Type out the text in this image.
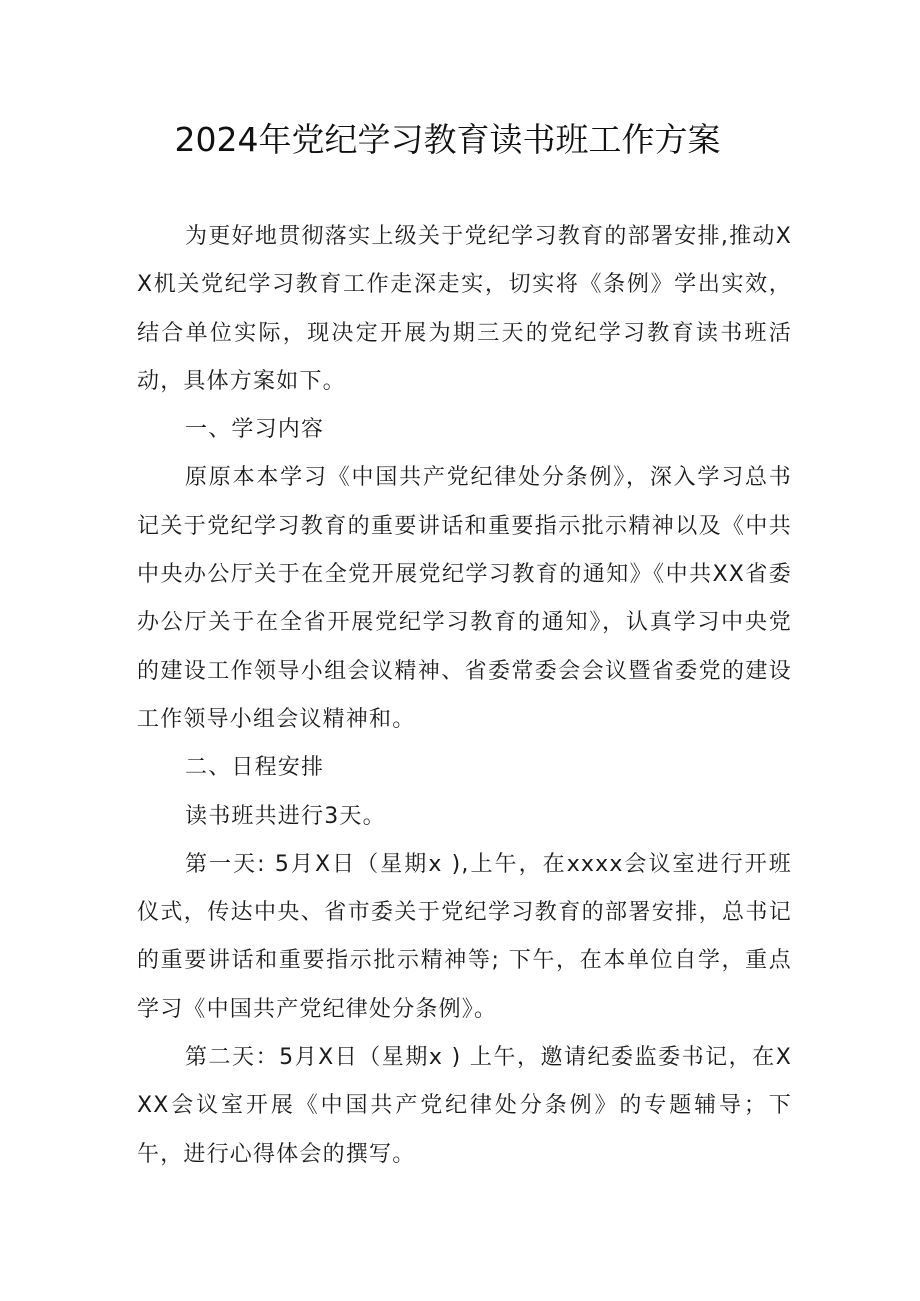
2024年党纪学习教育读书班工作方案

为更好地贯彻落实上级关于党纪学习教育的部署安排,推动XX机关党纪学习教育工作走深走实，切实将《条例》学出实效，结合单位实际，现决定开展为期三天的党纪学习教育读书班活动，具体方案如下。

一、学习内容

原原本本学习《中国共产党纪律处分条例》，深入学习总书记关于党纪学习教育的重要讲话和重要指示批示精神以及《中共中央办公厅关于在全党开展党纪学习教育的通知》《中共XX省委办公厅关于在全省开展党纪学习教育的通知》，认真学习中央党的建设工作领导小组会议精神、省委常委会会议暨省委党的建设工作领导小组会议精神和。

二、日程安排

读书班共进行3天。

第一天: 5月X日（星期x ),上午，在xxxx会议室进行开班仪式，传达中央、省市委关于党纪学习教育的部署安排，总书记的重要讲话和重要指示批示精神等; 下午，在本单位自学，重点学习《中国共产党纪律处分条例》。

第二天：5月X日（星期x ) 上午，邀请纪委监委书记，在XXX会议室开展《中国共产党纪律处分条例》的专题辅导；下午，进行心得体会的撰写。
